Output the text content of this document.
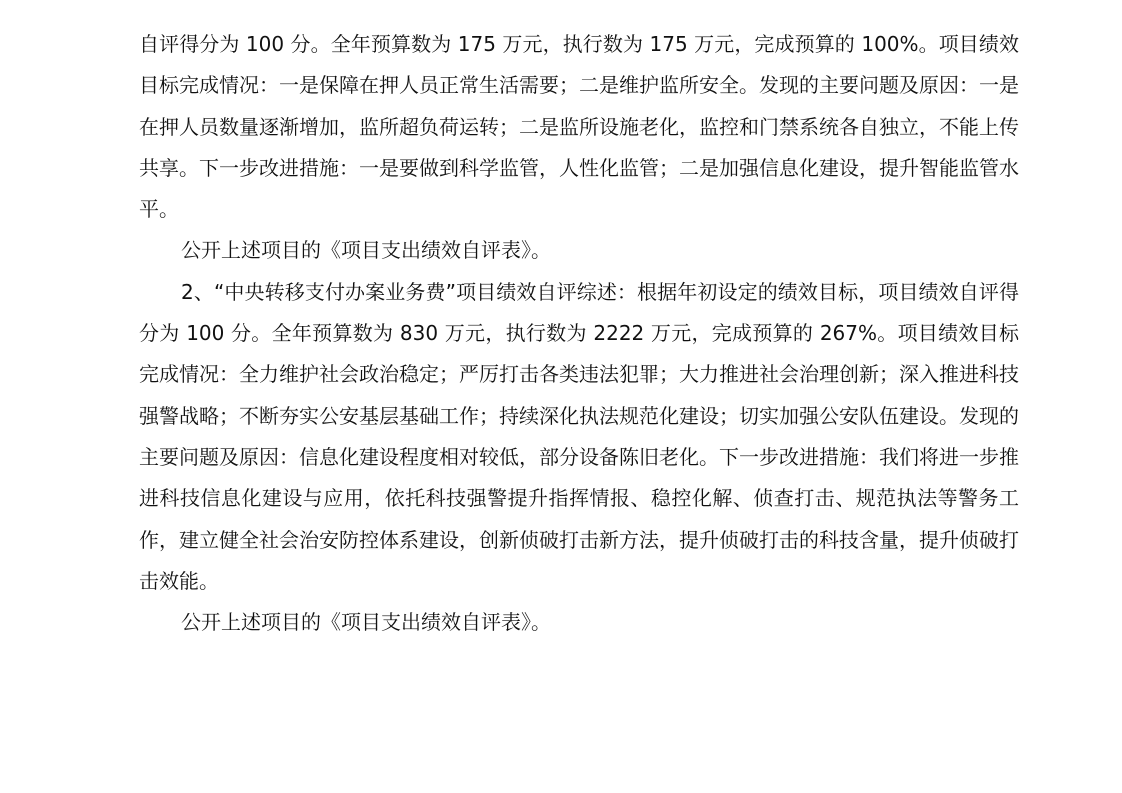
自评得分为 100 分。全年预算数为 175 万元，执行数为 175 万元，完成预算的 100%。项目绩效目标完成情况：一是保障在押人员正常生活需要；二是维护监所安全。发现的主要问题及原因：一是在押人员数量逐渐增加，监所超负荷运转；二是监所设施老化，监控和门禁系统各自独立，不能上传共享。下一步改进措施：一是要做到科学监管，人性化监管；二是加强信息化建设，提升智能监管水平。

公开上述项目的《项目支出绩效自评表》。

2、“中央转移支付办案业务费”项目绩效自评综述：根据年初设定的绩效目标，项目绩效自评得分为 100 分。全年预算数为 830 万元，执行数为 2222 万元，完成预算的 267%。项目绩效目标完成情况：全力维护社会政治稳定；严厉打击各类违法犯罪；大力推进社会治理创新；深入推进科技强警战略；不断夯实公安基层基础工作；持续深化执法规范化建设；切实加强公安队伍建设。发现的主要问题及原因：信息化建设程度相对较低，部分设备陈旧老化。下一步改进措施：我们将进一步推进科技信息化建设与应用，依托科技强警提升指挥情报、稳控化解、侦查打击、规范执法等警务工作，建立健全社会治安防控体系建设，创新侦破打击新方法，提升侦破打击的科技含量，提升侦破打击效能。

公开上述项目的《项目支出绩效自评表》。
